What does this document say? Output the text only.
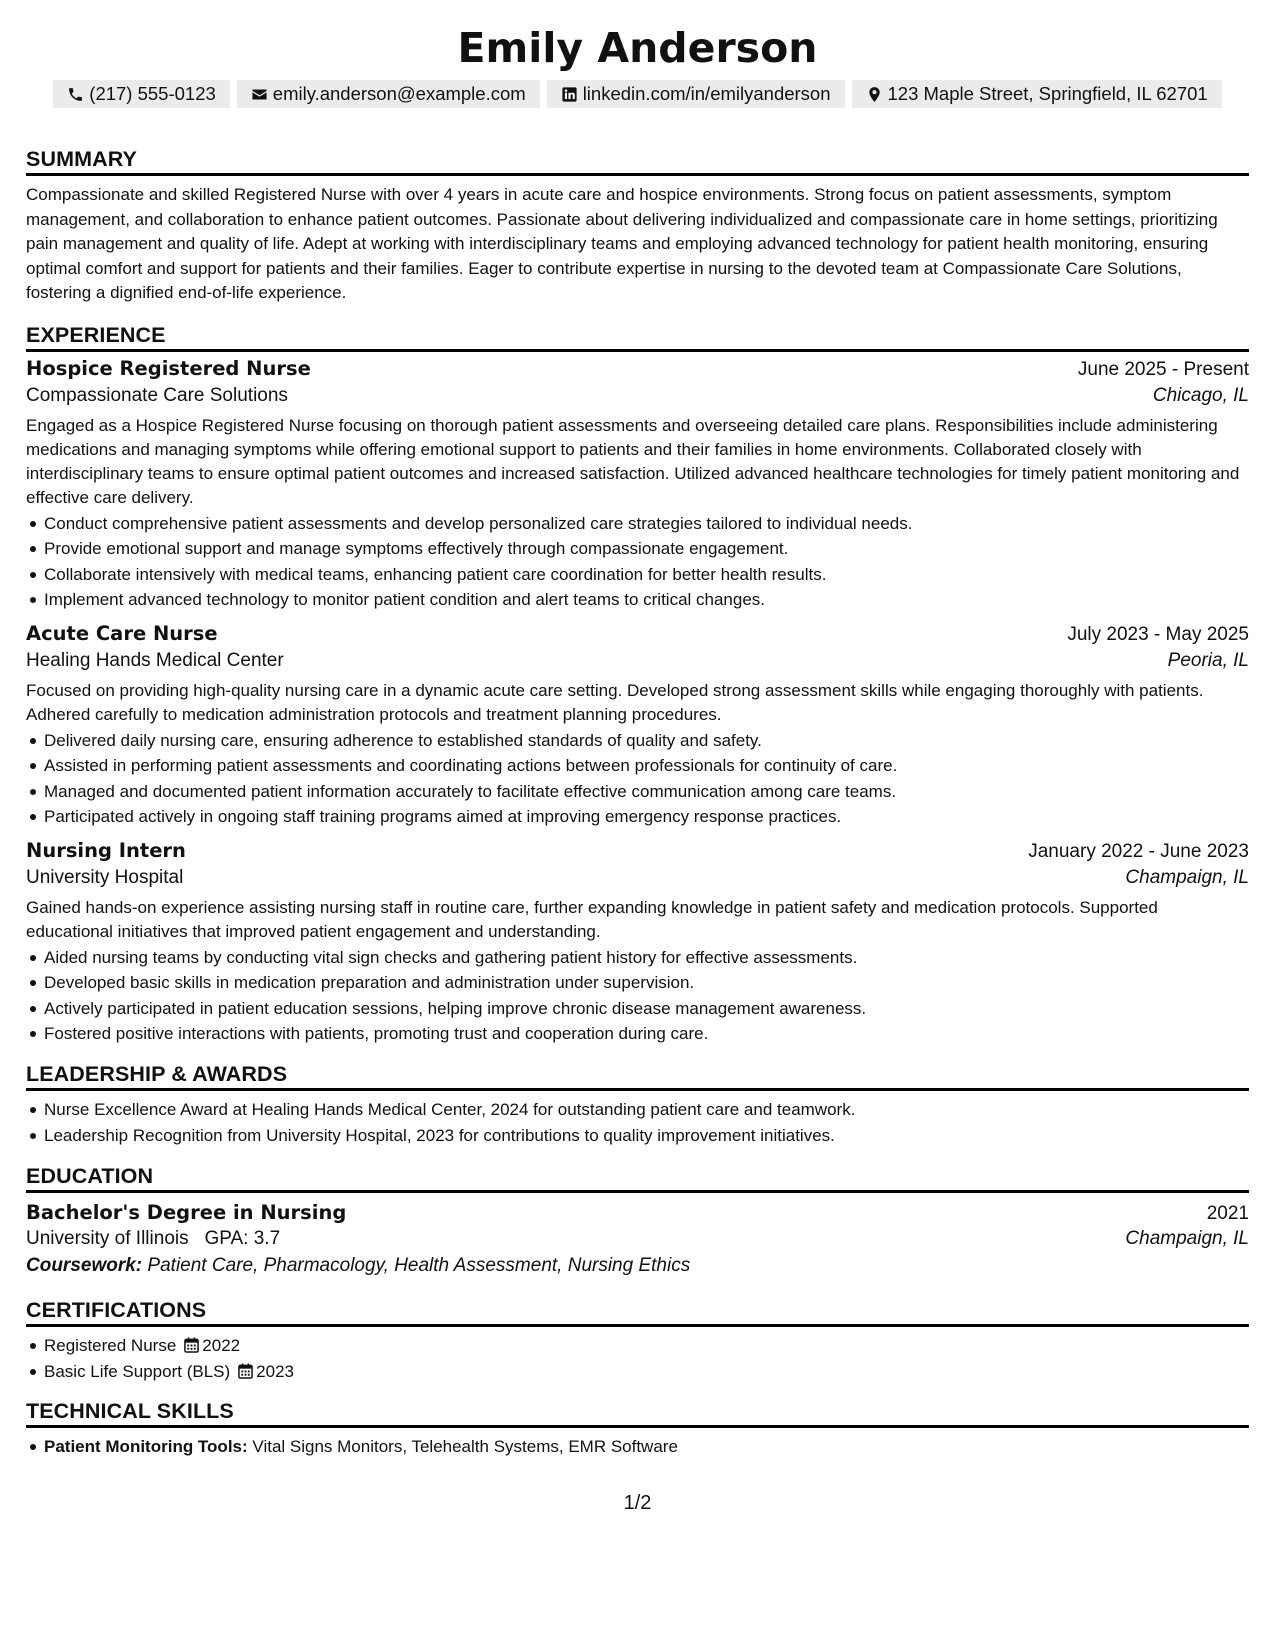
Emily Anderson
(217) 555-0123	emily.anderson@example.com	linkedin.com/in/emilyanderson	123 Maple Street, Springfield, IL 62701
SUMMARY
Compassionate and skilled Registered Nurse with over 4 years in acute care and hospice environments. Strong focus on patient assessments, symptom management, and collaboration to enhance patient outcomes. Passionate about delivering individualized and compassionate care in home settings, prioritizing pain management and quality of life. Adept at working with interdisciplinary teams and employing advanced technology for patient health monitoring, ensuring optimal comfort and support for patients and their families. Eager to contribute expertise in nursing to the devoted team at Compassionate Care Solutions, fostering a dignified end-of-life experience.
EXPERIENCE
Hospice Registered Nurse	June 2025 - Present
Compassionate Care Solutions	Chicago, IL
Engaged as a Hospice Registered Nurse focusing on thorough patient assessments and overseeing detailed care plans. Responsibilities include administering medications and managing symptoms while offering emotional support to patients and their families in home environments. Collaborated closely with interdisciplinary teams to ensure optimal patient outcomes and increased satisfaction. Utilized advanced healthcare technologies for timely patient monitoring and effective care delivery.
Conduct comprehensive patient assessments and develop personalized care strategies tailored to individual needs.
Provide emotional support and manage symptoms effectively through compassionate engagement.
Collaborate intensively with medical teams, enhancing patient care coordination for better health results.
Implement advanced technology to monitor patient condition and alert teams to critical changes.
Acute Care Nurse	July 2023 - May 2025
Healing Hands Medical Center	Peoria, IL
Focused on providing high-quality nursing care in a dynamic acute care setting. Developed strong assessment skills while engaging thoroughly with patients. Adhered carefully to medication administration protocols and treatment planning procedures.
Delivered daily nursing care, ensuring adherence to established standards of quality and safety.
Assisted in performing patient assessments and coordinating actions between professionals for continuity of care.
Managed and documented patient information accurately to facilitate effective communication among care teams.
Participated actively in ongoing staff training programs aimed at improving emergency response practices.
Nursing Intern	January 2022 - June 2023
University Hospital	Champaign, IL
Gained hands-on experience assisting nursing staff in routine care, further expanding knowledge in patient safety and medication protocols. Supported educational initiatives that improved patient engagement and understanding.
Aided nursing teams by conducting vital sign checks and gathering patient history for effective assessments.
Developed basic skills in medication preparation and administration under supervision.
Actively participated in patient education sessions, helping improve chronic disease management awareness.
Fostered positive interactions with patients, promoting trust and cooperation during care.
LEADERSHIP & AWARDS
Nurse Excellence Award at Healing Hands Medical Center, 2024 for outstanding patient care and teamwork.
Leadership Recognition from University Hospital, 2023 for contributions to quality improvement initiatives.
EDUCATION
Bachelor's Degree in Nursing	2021
University of Illinois GPA: 3.7	Champaign, IL
Coursework: Patient Care, Pharmacology, Health Assessment, Nursing Ethics
CERTIFICATIONS
Registered Nurse 2022
Basic Life Support (BLS) 2023
TECHNICAL SKILLS
Patient Monitoring Tools: Vital Signs Monitors, Telehealth Systems, EMR Software
1/2
